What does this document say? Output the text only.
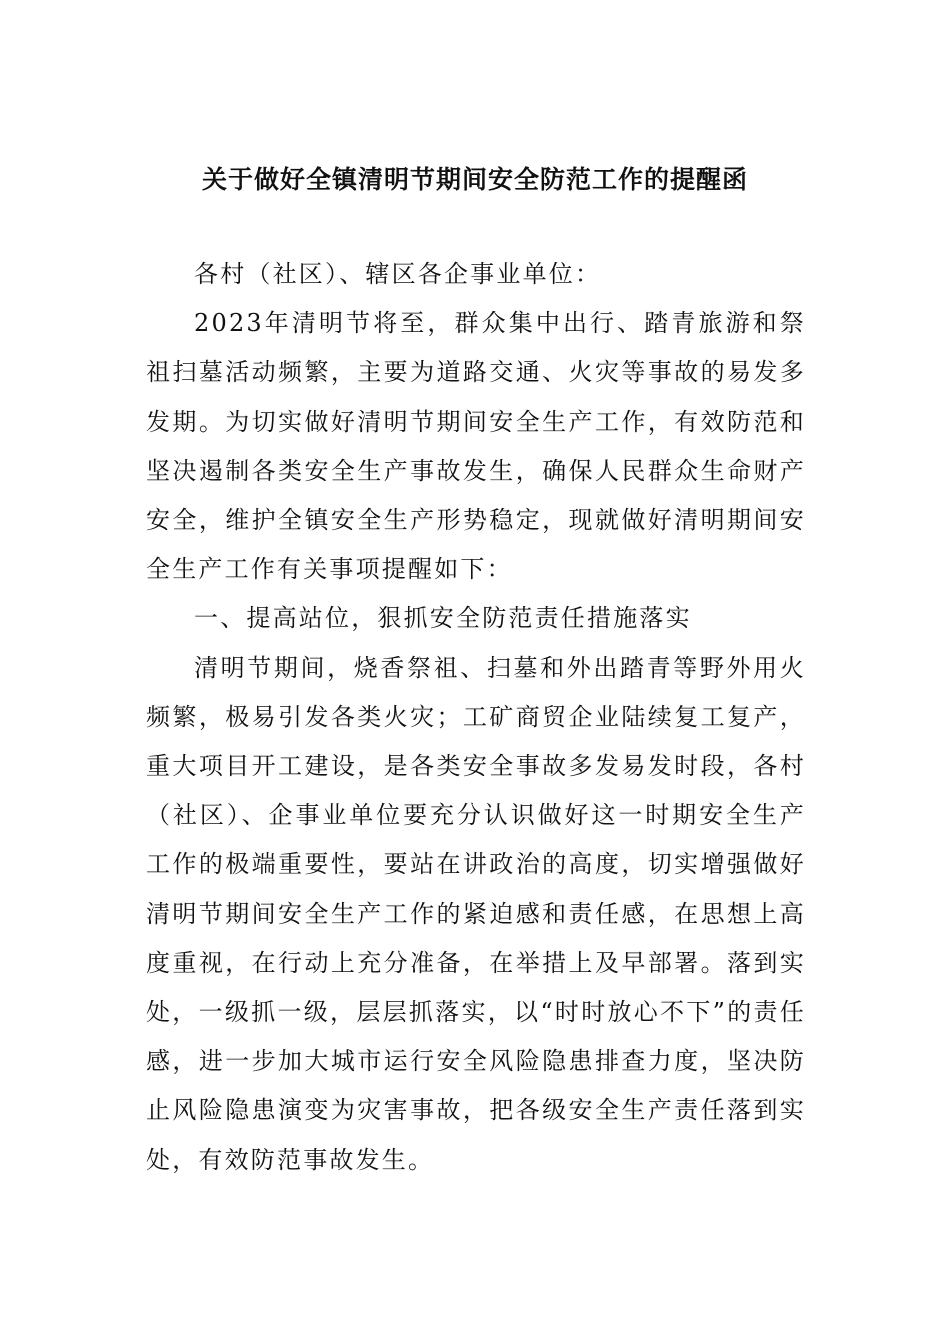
关于做好全镇清明节期间安全防范工作的提醒函

各村（社区）、辖区各企事业单位：

2023年清明节将至，群众集中出行、踏青旅游和祭祖扫墓活动频繁，主要为道路交通、火灾等事故的易发多发期。为切实做好清明节期间安全生产工作，有效防范和坚决遏制各类安全生产事故发生，确保人民群众生命财产安全，维护全镇安全生产形势稳定，现就做好清明期间安全生产工作有关事项提醒如下：

一、提高站位，狠抓安全防范责任措施落实

清明节期间，烧香祭祖、扫墓和外出踏青等野外用火频繁，极易引发各类火灾；工矿商贸企业陆续复工复产，重大项目开工建设，是各类安全事故多发易发时段，各村（社区）、企事业单位要充分认识做好这一时期安全生产工作的极端重要性，要站在讲政治的高度，切实增强做好清明节期间安全生产工作的紧迫感和责任感，在思想上高度重视，在行动上充分准备，在举措上及早部署。落到实处，一级抓一级，层层抓落实，以“时时放心不下”的责任感，进一步加大城市运行安全风险隐患排查力度，坚决防止风险隐患演变为灾害事故，把各级安全生产责任落到实处，有效防范事故发生。
